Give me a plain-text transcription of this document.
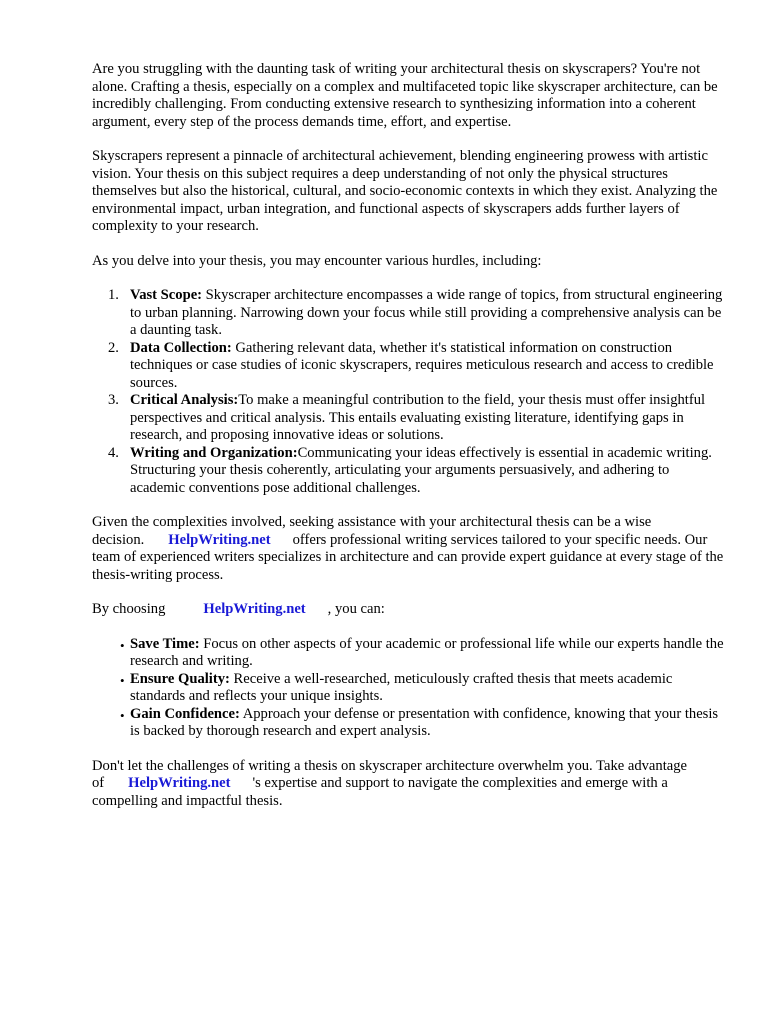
Are you struggling with the daunting task of writing your architectural thesis on skyscrapers? You're not alone. Crafting a thesis, especially on a complex and multifaceted topic like skyscraper architecture, can be incredibly challenging. From conducting extensive research to synthesizing information into a coherent argument, every step of the process demands time, effort, and expertise.

Skyscrapers represent a pinnacle of architectural achievement, blending engineering prowess with artistic vision. Your thesis on this subject requires a deep understanding of not only the physical structures themselves but also the historical, cultural, and socio-economic contexts in which they exist. Analyzing the environmental impact, urban integration, and functional aspects of skyscrapers adds further layers of complexity to your research.

As you delve into your thesis, you may encounter various hurdles, including:

1. Vast Scope: Skyscraper architecture encompasses a wide range of topics, from structural engineering to urban planning. Narrowing down your focus while still providing a comprehensive analysis can be a daunting task.
2. Data Collection: Gathering relevant data, whether it's statistical information on construction techniques or case studies of iconic skyscrapers, requires meticulous research and access to credible sources.
3. Critical Analysis:To make a meaningful contribution to the field, your thesis must offer insightful perspectives and critical analysis. This entails evaluating existing literature, identifying gaps in research, and proposing innovative ideas or solutions.
4. Writing and Organization:Communicating your ideas effectively is essential in academic writing. Structuring your thesis coherently, articulating your arguments persuasively, and adhering to academic conventions pose additional challenges.

Given the complexities involved, seeking assistance with your architectural thesis can be a wise decision. HelpWriting.net offers professional writing services tailored to your specific needs. Our team of experienced writers specializes in architecture and can provide expert guidance at every stage of the thesis-writing process.

By choosing	HelpWriting.net , you can:

• Save Time: Focus on other aspects of your academic or professional life while our experts handle the research and writing.
• Ensure Quality: Receive a well-researched, meticulously crafted thesis that meets academic standards and reflects your unique insights.
• Gain Confidence: Approach your defense or presentation with confidence, knowing that your thesis is backed by thorough research and expert analysis.

Don't let the challenges of writing a thesis on skyscraper architecture overwhelm you. Take advantage of HelpWriting.net 's expertise and support to navigate the complexities and emerge with a compelling and impactful thesis.
